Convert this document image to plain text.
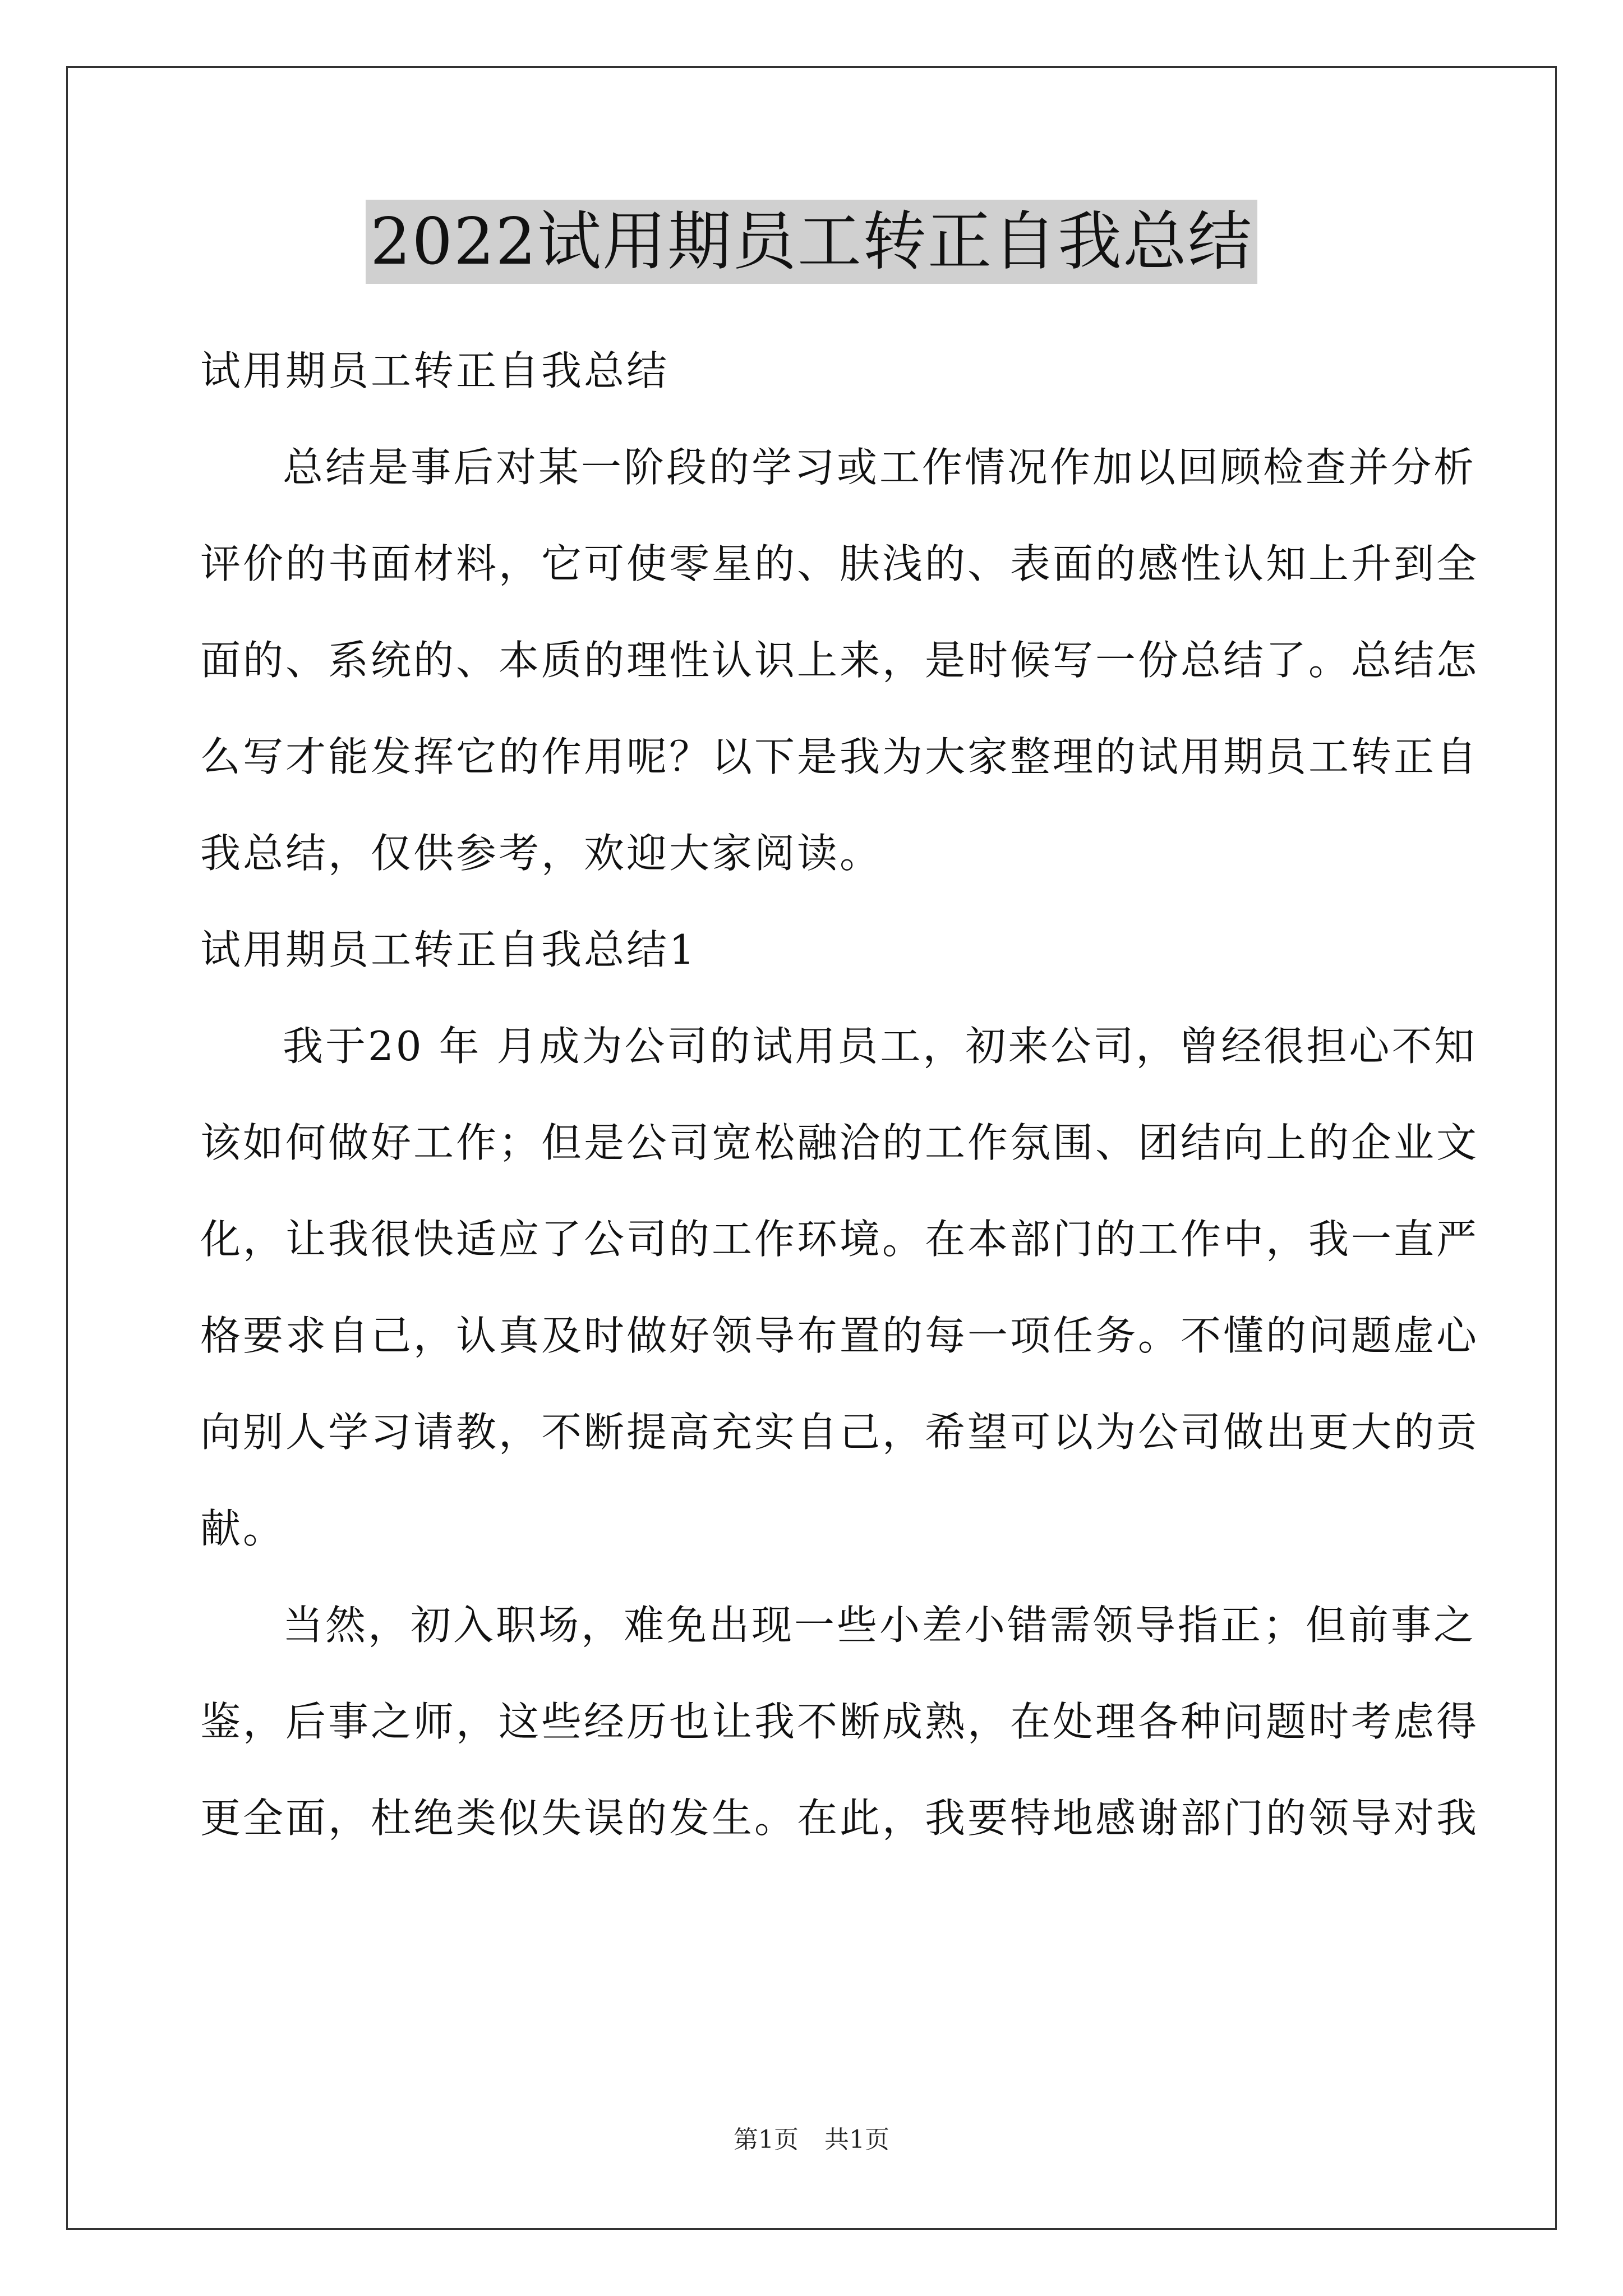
2022试用期员工转正自我总结
试用期员工转正自我总结
总结是事后对某一阶段的学习或工作情况作加以回顾检查并分析
评价的书面材料，它可使零星的、肤浅的、表面的感性认知上升到全
面的、系统的、本质的理性认识上来，是时候写一份总结了。总结怎
么写才能发挥它的作用呢？以下是我为大家整理的试用期员工转正自
我总结，仅供参考，欢迎大家阅读。
试用期员工转正自我总结1
我于20 年 月成为公司的试用员工，初来公司，曾经很担心不知
该如何做好工作；但是公司宽松融洽的工作氛围、团结向上的企业文
化，让我很快适应了公司的工作环境。在本部门的工作中，我一直严
格要求自己，认真及时做好领导布置的每一项任务。不懂的问题虚心
向别人学习请教，不断提高充实自己，希望可以为公司做出更大的贡
献。
当然，初入职场，难免出现一些小差小错需领导指正；但前事之
鉴，后事之师，这些经历也让我不断成熟，在处理各种问题时考虑得
更全面，杜绝类似失误的发生。在此，我要特地感谢部门的领导对我
第1页 共1页
